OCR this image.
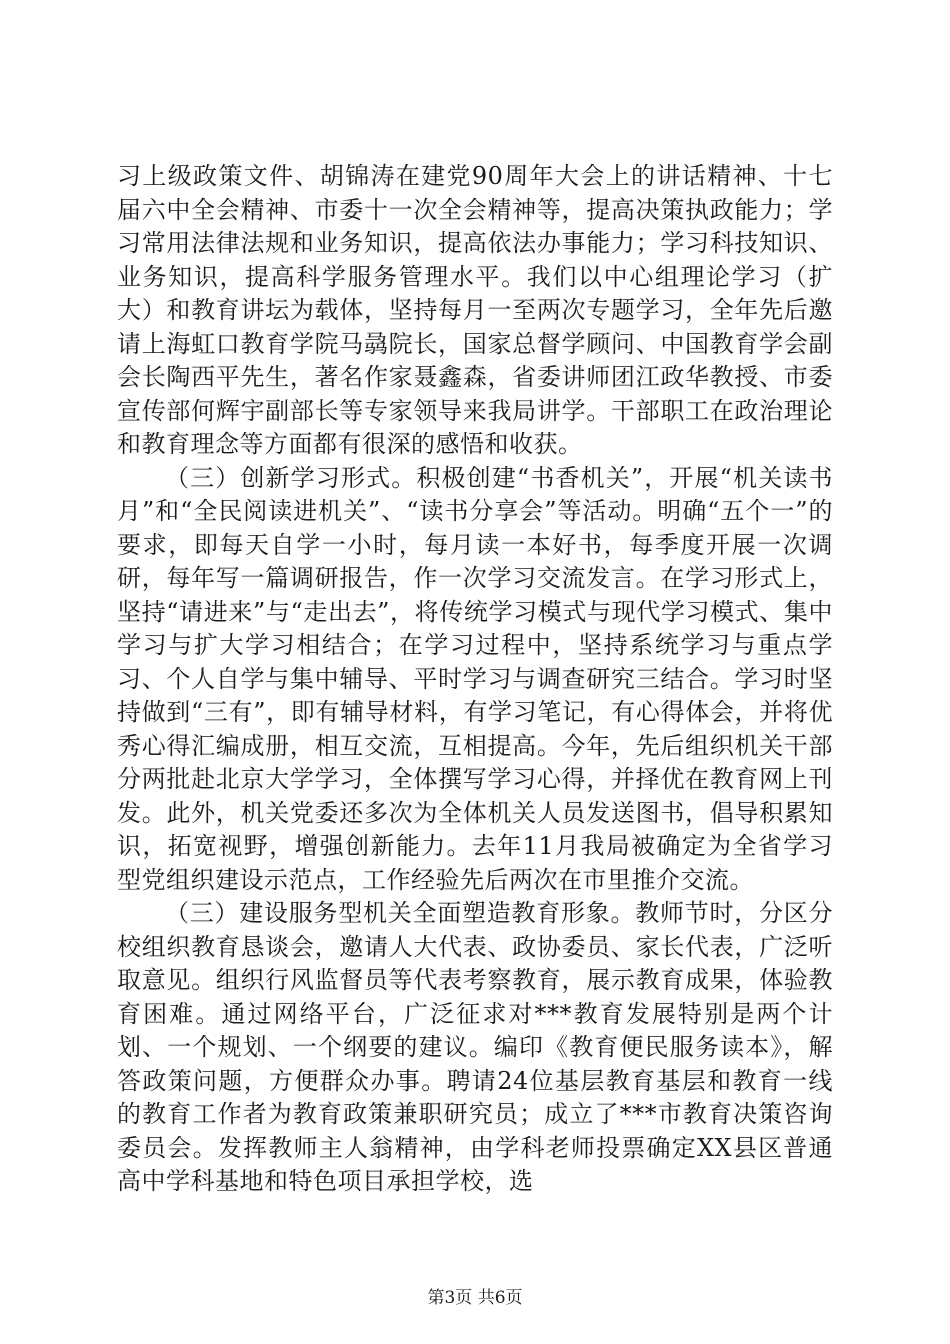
习上级政策文件、胡锦涛在建党90周年大会上的讲话精神、十七届六中全会精神、市委十一次全会精神等，提高决策执政能力；学习常用法律法规和业务知识，提高依法办事能力；学习科技知识、业务知识，提高科学服务管理水平。我们以中心组理论学习（扩大）和教育讲坛为载体，坚持每月一至两次专题学习，全年先后邀请上海虹口教育学院马骉院长，国家总督学顾问、中国教育学会副会长陶西平先生，著名作家聂鑫森，省委讲师团江政华教授、市委宣传部何辉宇副部长等专家领导来我局讲学。干部职工在政治理论和教育理念等方面都有很深的感悟和收获。

（三）创新学习形式。积极创建“书香机关”，开展“机关读书月”和“全民阅读进机关”、“读书分享会”等活动。明确“五个一”的要求，即每天自学一小时，每月读一本好书，每季度开展一次调研，每年写一篇调研报告，作一次学习交流发言。在学习形式上，坚持“请进来”与“走出去”，将传统学习模式与现代学习模式、集中学习与扩大学习相结合；在学习过程中，坚持系统学习与重点学习、个人自学与集中辅导、平时学习与调查研究三结合。学习时坚持做到“三有”，即有辅导材料，有学习笔记，有心得体会，并将优秀心得汇编成册，相互交流，互相提高。今年，先后组织机关干部分两批赴北京大学学习，全体撰写学习心得，并择优在教育网上刊发。此外，机关党委还多次为全体机关人员发送图书，倡导积累知识，拓宽视野，增强创新能力。去年11月我局被确定为全省学习型党组织建设示范点，工作经验先后两次在市里推介交流。

（三）建设服务型机关全面塑造教育形象。教师节时，分区分校组织教育恳谈会，邀请人大代表、政协委员、家长代表，广泛听取意见。组织行风监督员等代表考察教育，展示教育成果，体验教育困难。通过网络平台，广泛征求对***教育发展特别是两个计划、一个规划、一个纲要的建议。编印《教育便民服务读本》，解答政策问题，方便群众办事。聘请24位基层教育基层和教育一线的教育工作者为教育政策兼职研究员；成立了***市教育决策咨询委员会。发挥教师主人翁精神，由学科老师投票确定XX县区普通高中学科基地和特色项目承担学校，选

第3页 共6页
